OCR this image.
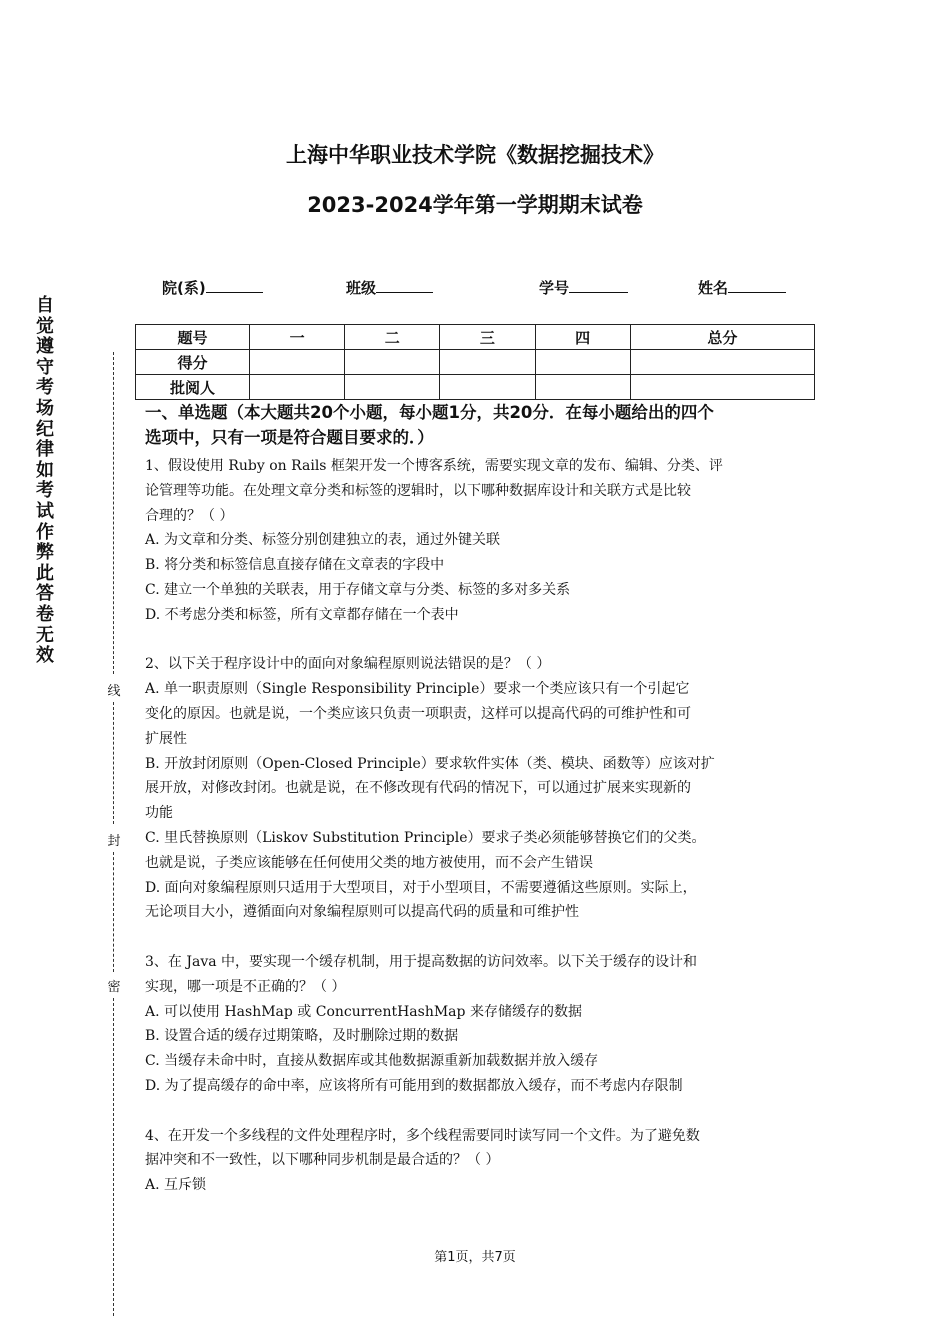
上海中华职业技术学院《数据挖掘技术》
2023-2024学年第一学期期末试卷
院(系)	班级	学号	姓名
题号	一	二	三	四	总分
得分					
批阅人					
自觉遵守考场纪律如考试作弊此答卷无效
线
封
密
一、单选题（本大题共20个小题，每小题1分，共20分．在每小题给出的四个
选项中，只有一项是符合题目要求的．）

1、假设使用 Ruby on Rails 框架开发一个博客系统，需要实现文章的发布、编辑、分类、评

论管理等功能。在处理文章分类和标签的逻辑时，以下哪种数据库设计和关联方式是比较

合理的？（ ）

A. 为文章和分类、标签分别创建独立的表，通过外键关联

B. 将分类和标签信息直接存储在文章表的字段中

C. 建立一个单独的关联表，用于存储文章与分类、标签的多对多关系

D. 不考虑分类和标签，所有文章都存储在一个表中

2、以下关于程序设计中的面向对象编程原则说法错误的是？（ ）

A. 单一职责原则（Single Responsibility Principle）要求一个类应该只有一个引起它

变化的原因。也就是说，一个类应该只负责一项职责，这样可以提高代码的可维护性和可

扩展性

B. 开放封闭原则（Open-Closed Principle）要求软件实体（类、模块、函数等）应该对扩

展开放，对修改封闭。也就是说，在不修改现有代码的情况下，可以通过扩展来实现新的

功能

C. 里氏替换原则（Liskov Substitution Principle）要求子类必须能够替换它们的父类。

也就是说，子类应该能够在任何使用父类的地方被使用，而不会产生错误

D. 面向对象编程原则只适用于大型项目，对于小型项目，不需要遵循这些原则。实际上，

无论项目大小，遵循面向对象编程原则可以提高代码的质量和可维护性

3、在 Java 中，要实现一个缓存机制，用于提高数据的访问效率。以下关于缓存的设计和

实现，哪一项是不正确的？（ ）

A. 可以使用 HashMap 或 ConcurrentHashMap 来存储缓存的数据

B. 设置合适的缓存过期策略，及时删除过期的数据

C. 当缓存未命中时，直接从数据库或其他数据源重新加载数据并放入缓存

D. 为了提高缓存的命中率，应该将所有可能用到的数据都放入缓存，而不考虑内存限制

4、在开发一个多线程的文件处理程序时，多个线程需要同时读写同一个文件。为了避免数

据冲突和不一致性，以下哪种同步机制是最合适的？（ ）

A. 互斥锁

第1页，共7页
